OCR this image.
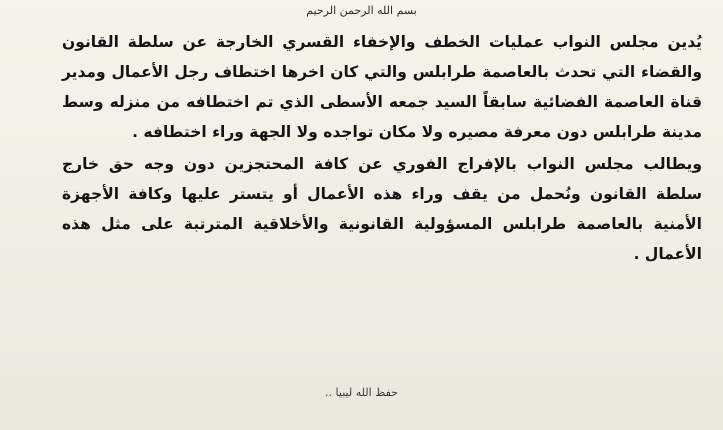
بسم الله الرحمن الرحيم

يُدين مجلس النواب عمليات الخطف والإخفاء القسري الخارجة عن سلطة القانون والقضاء التي تحدث بالعاصمة طرابلس والتي كان اخرها اختطاف رجل الأعمال ومدير قناة العاصمة الفضائية سابقاً السيد جمعه الأسطى الذي تم اختطافه من منزله وسط مدينة طرابلس دون معرفة مصيره ولا مكان تواجده ولا الجهة وراء اختطافه .

ويطالب مجلس النواب بالإفراج الفوري عن كافة المحتجزين دون وجه حق خارج سلطة القانون ونُحمل من يقف وراء هذه الأعمال أو يتستر عليها وكافة الأجهزة الأمنية بالعاصمة طرابلس المسؤولية القانونية والأخلاقية المترتبة على مثل هذه الأعمال .

حفظ الله ليبيا ..
